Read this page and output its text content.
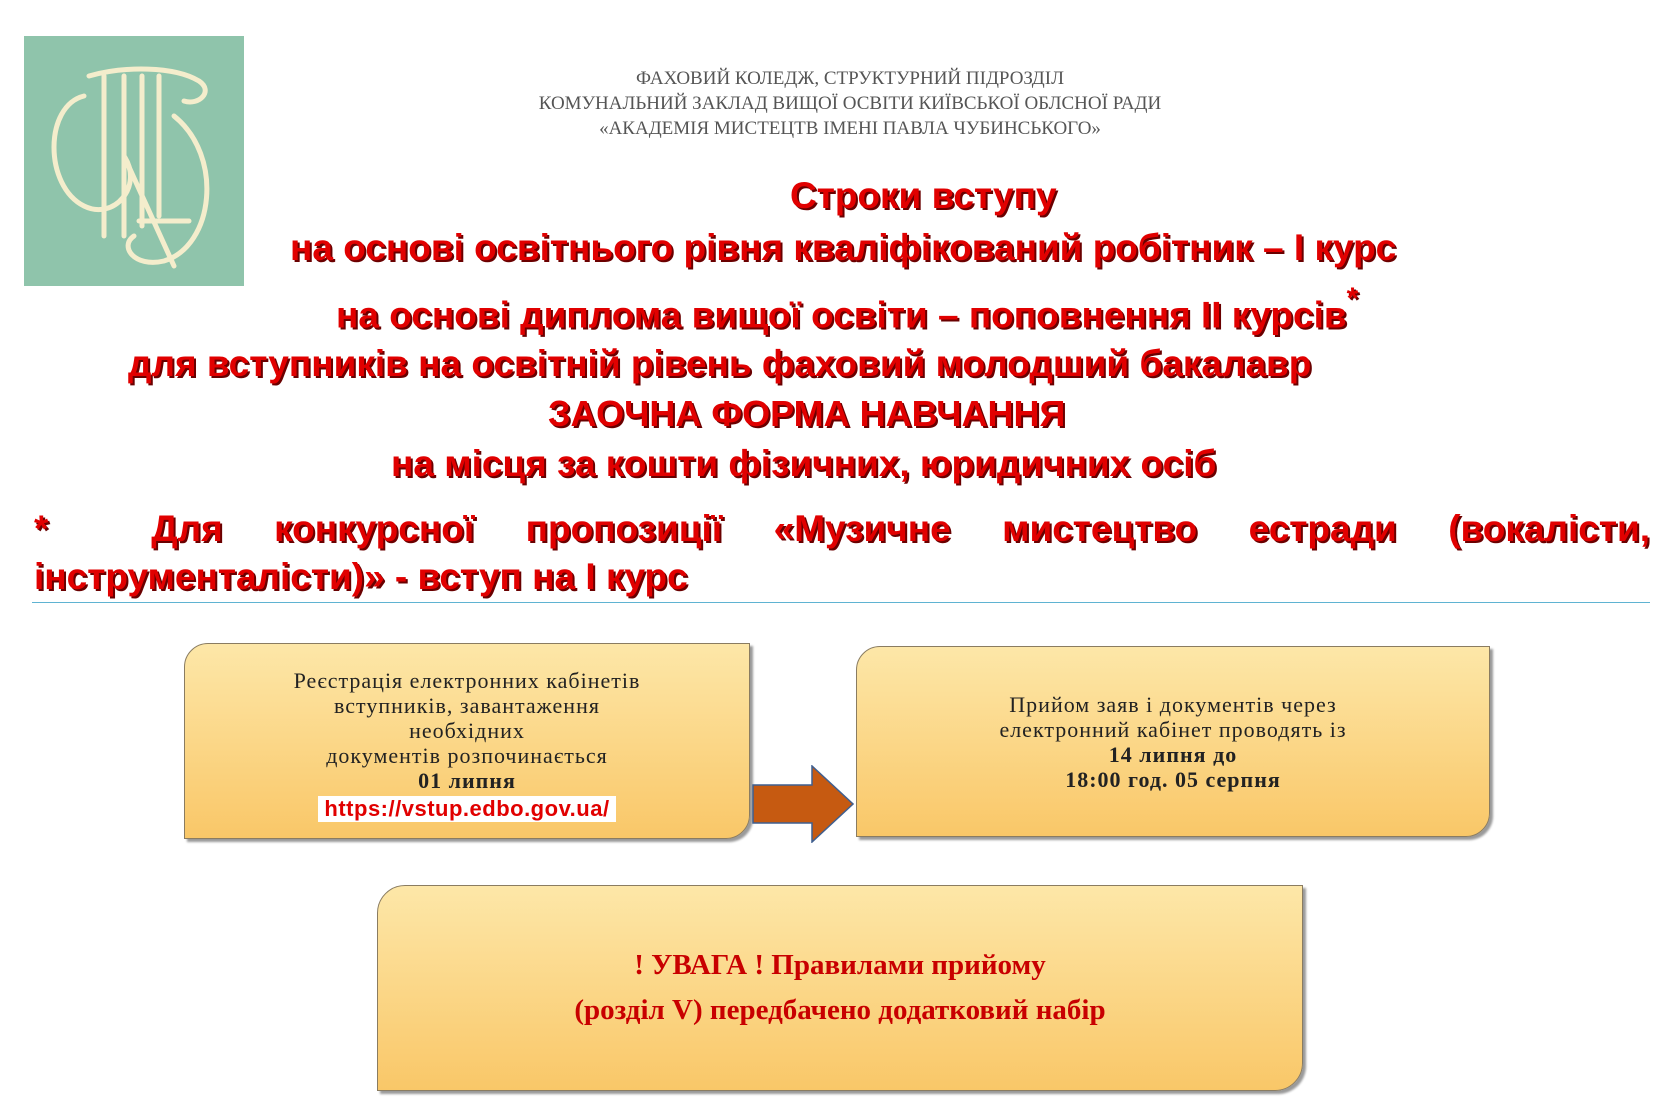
ФАХОВИЙ КОЛЕДЖ, СТРУКТУРНИЙ ПІДРОЗДІЛ
КОМУНАЛЬНИЙ ЗАКЛАД ВИЩОЇ ОСВІТИ КИЇВСЬКОЇ ОБЛСНОЇ РАДИ
«АКАДЕМІЯ МИСТЕЦТВ ІМЕНІ ПАВЛА ЧУБИНСЬКОГО»
Строки вступу
на основі освітнього рівня кваліфікований робітник – І курс
на основі диплома вищої освіти – поповнення ІІ курсів*
для вступників на освітній рівень фаховий молодший бакалавр
ЗАОЧНА ФОРМА НАВЧАННЯ
на місця за кошти фізичних, юридичних осіб
*	Для конкурсної пропозиції «Музичне мистецтво естради (вокалісти, інструменталісти)» - вступ на І курс
Реєстрація електронних кабінетів
вступників, завантаження
необхідних
документів розпочинається
01 липня
https://vstup.edbo.gov.ua/
Прийом заяв і документів через
електронний кабінет проводять із
14 липня до
18:00 год. 05 серпня
! УВАГА ! Правилами прийому
(розділ V) передбачено додатковий набір
